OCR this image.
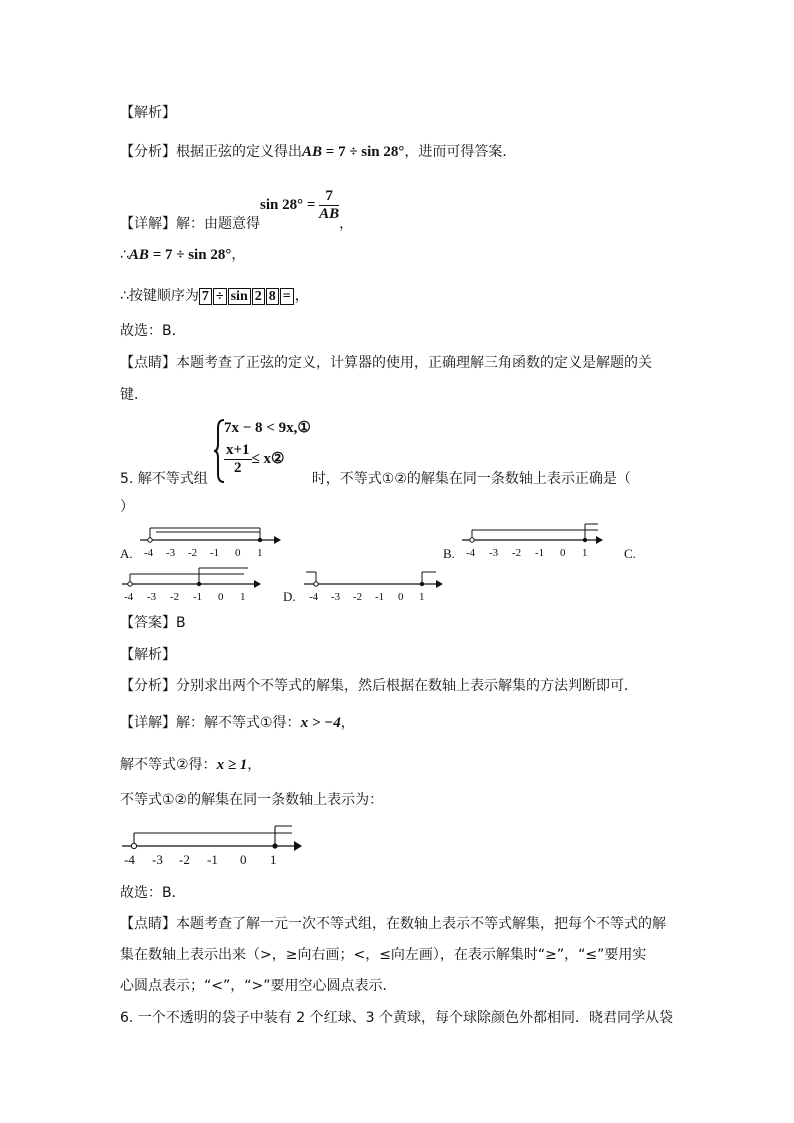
【解析】
【分析】根据正弦的定义得出AB = 7 ÷ sin 28°，进而可得答案．
【详解】解：由题意得$\sin 28^\circ = \frac{7}{AB}$
，
∴AB = 7 ÷ sin 28°，
∴按键顺序为 7 ÷ sin 2 8 = ，
故选：B．
【点睛】本题考查了正弦的定义，计算器的使用，正确理解三角函数的定义是解题的关
键．
7x − 8 < 9x,①
$\frac{x+1}{2}$ ≤ x②
5. 解不等式组	时，不等式①②的解集在同一条数轴上表示正确是（
）
A. -4 -3 -2 -1 0 1	B. -4 -3 -2 -1 0 1	C.
-4 -3 -2 -1 0 1	D. -4 -3 -2 -1 0 1
【答案】B
【解析】
【分析】分别求出两个不等式的解集，然后根据在数轴上表示解集的方法判断即可．
【详解】解：解不等式①得：x > −4，
解不等式②得：x ≥ 1，
不等式①②的解集在同一条数轴上表示为：
-4 -3 -2 -1 0 1
故选：B．
【点睛】本题考查了解一元一次不等式组，在数轴上表示不等式解集，把每个不等式的解
集在数轴上表示出来（>，≥向右画；<，≤向左画），在表示解集时“≥”，“≤”要用实
心圆点表示；“<”，“>”要用空心圆点表示．
6. 一个不透明的袋子中装有 2 个红球、3 个黄球，每个球除颜色外都相同．晓君同学从袋
